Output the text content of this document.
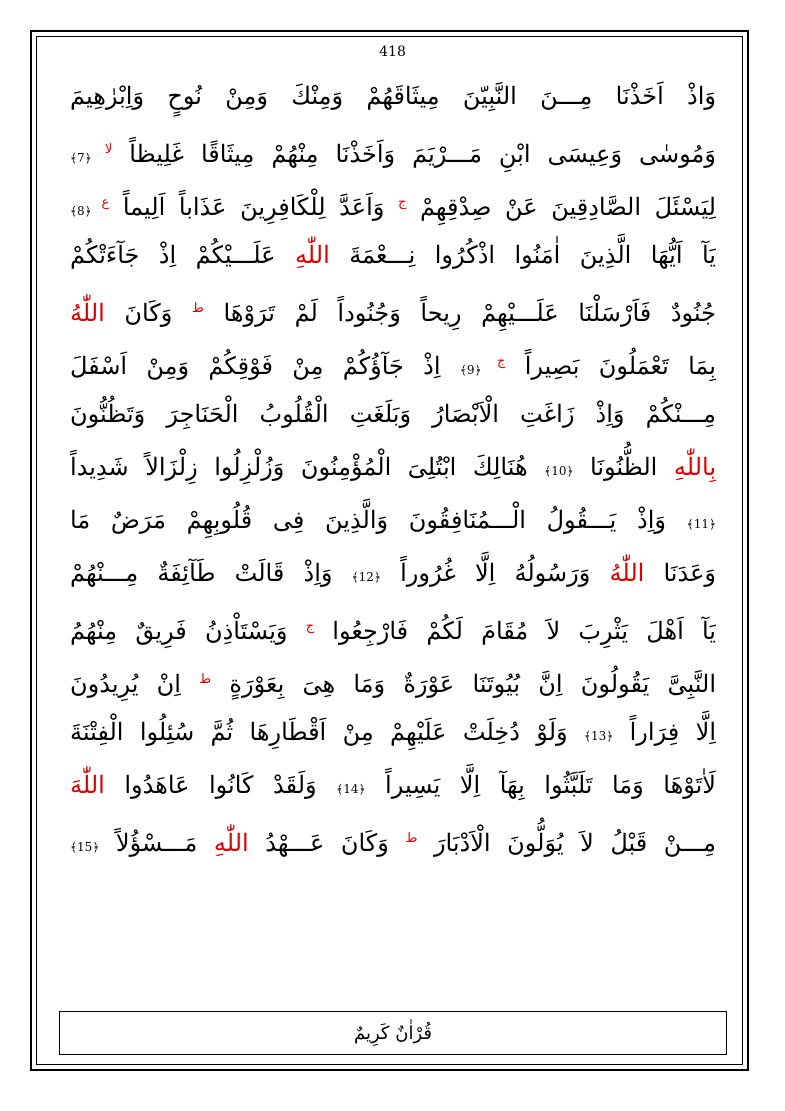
418
وَاذْ اَخَذْنَا مِـــنَ النَّبِيّنَ مِيثَاقَهُمْ وَمِنْكَ وَمِنْ نُوحٍ وَاِبْرٰهِيمَ
وَمُوسٰى وَعِيسَى ابْنِ مَـــرْيَمَ وَاَخَذْنَا مِنْهُمْ مِيثَاقًا غَلِيظاً $^{لا}$ ﴿7﴾
لِيَسْئَلَ الصَّادِقِينَ عَنْ صِدْقِهِمْ $^ج$ وَاَعَدَّ لِلْكَافِرِينَ عَذَاباً اَلِيماً $^ع$ ﴿8﴾
يَآ اَيُّهَا الَّذِينَ اٰمَنُوا اذْكُرُوا نِـــعْمَةَ اللّٰهِ عَلَـــيْكُمْ اِذْ جَآءَتْكُمْ
جُنُودٌ فَاَرْسَلْنَا عَلَـــيْهِمْ رِيحاً وَجُنُوداً لَمْ تَرَوْهَا $^ط$ وَكَانَ اللّٰهُ
بِمَا تَعْمَلُونَ بَصِيراً $^ج$ ﴿9﴾ اِذْ جَآؤُكُمْ مِنْ فَوْقِكُمْ وَمِنْ اَسْفَلَ
مِـــنْكُمْ وَاِذْ زَاغَتِ الْاَبْصَارُ وَبَلَغَتِ الْقُلُوبُ الْحَنَاجِرَ وَتَظُنُّونَ
بِاللّٰهِ الظُّنُونَا ﴿10﴾ هُنَالِكَ ابْتُلِىَ الْمُؤْمِنُونَ وَزُلْزِلُوا زِلْزَالاً شَدِيداً
﴿11﴾ وَاِذْ يَـــقُولُ الْـــمُنَافِقُونَ وَالَّذِينَ فِى قُلُوبِهِمْ مَرَضٌ مَا
وَعَدَنَا اللّٰهُ وَرَسُولُهُ اِلَّا غُرُوراً ﴿12﴾ وَاِذْ قَالَتْ طَآئِفَةٌ مِـــنْهُمْ
يَآ اَهْلَ يَثْرِبَ لاَ مُقَامَ لَكُمْ فَارْجِعُوا $^ج$ وَيَسْتَاْذِنُ فَرِيقٌ مِنْهُمُ
النَّبِىَّ يَقُولُونَ اِنَّ بُيُوتَنَا عَوْرَةٌ وَمَا هِىَ بِعَوْرَةٍ $^ط$ اِنْ يُرِيدُونَ
اِلَّا فِرَاراً ﴿13﴾ وَلَوْ دُخِلَتْ عَلَيْهِمْ مِنْ اَقْطَارِهَا ثُمَّ سُئِلُوا الْفِتْنَةَ
لَاٰتَوْهَا وَمَا تَلَبَّثُوا بِهَآ اِلَّا يَسِيراً ﴿14﴾ وَلَقَدْ كَانُوا عَاهَدُوا اللّٰهَ
مِـــنْ قَبْلُ لاَ يُوَلُّونَ الْاَدْبَارَ $^ط$ وَكَانَ عَـــهْدُ اللّٰهِ مَـــسْؤُلاً ﴿15﴾
قُرْاٰنٌ كَرِيمٌ
